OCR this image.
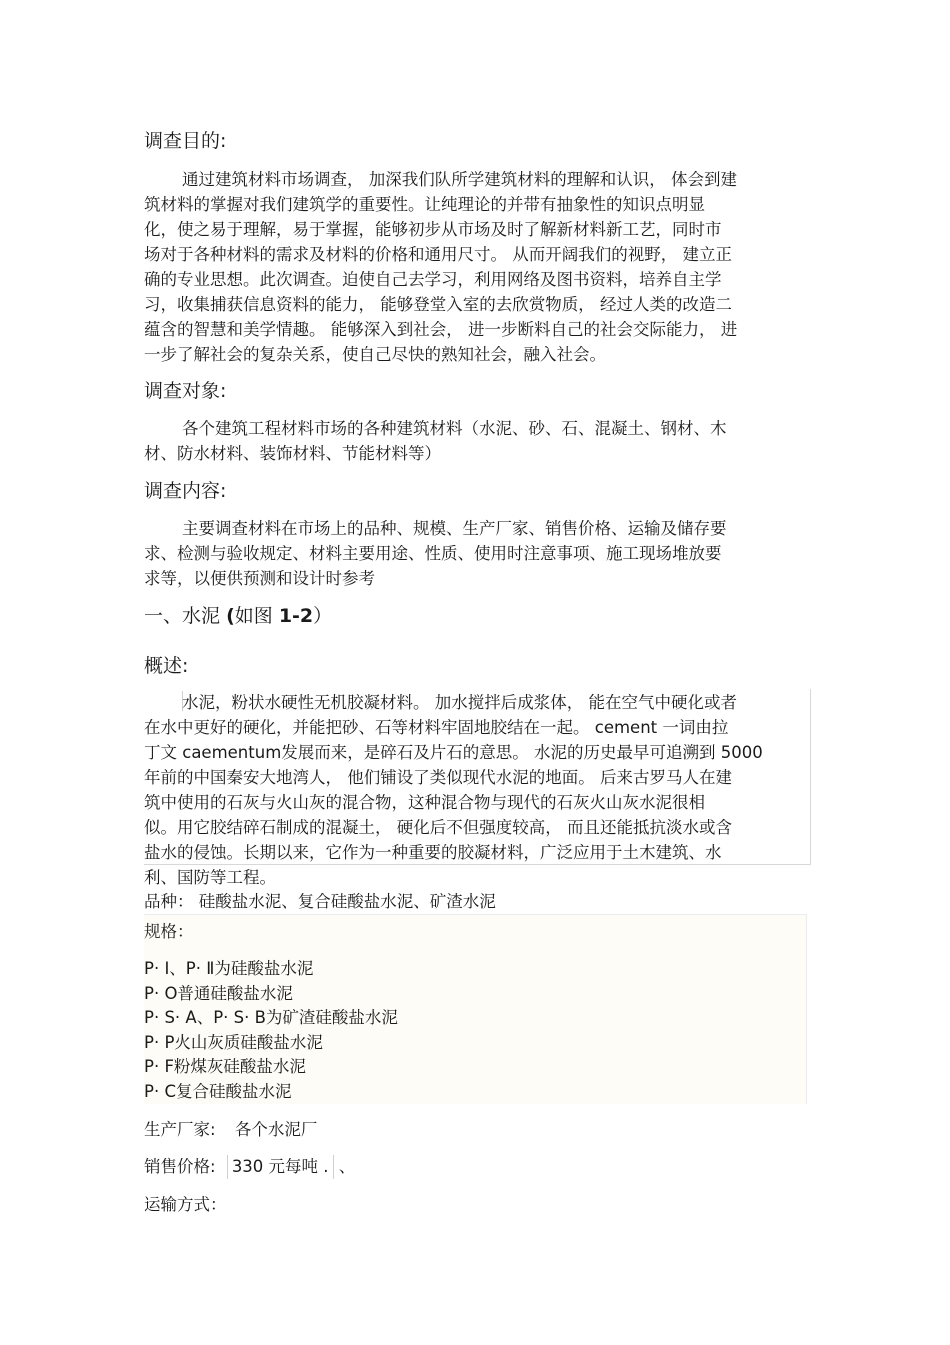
调查目的:
通过建筑材料市场调查， 加深我们队所学建筑材料的理解和认识， 体会到建
筑材料的掌握对我们建筑学的重要性。让纯理论的并带有抽象性的知识点明显
化，使之易于理解，易于掌握，能够初步从市场及时了解新材料新工艺，同时市
场对于各种材料的需求及材料的价格和通用尺寸。 从而开阔我们的视野， 建立正
确的专业思想。此次调查。迫使自己去学习，利用网络及图书资料，培养自主学
习，收集捕获信息资料的能力， 能够登堂入室的去欣赏物质， 经过人类的改造二
蕴含的智慧和美学情趣。 能够深入到社会， 进一步断料自己的社会交际能力， 进
一步了解社会的复杂关系，使自己尽快的熟知社会，融入社会。
调查对象:
各个建筑工程材料市场的各种建筑材料（水泥、砂、石、混凝土、钢材、木
材、防水材料、装饰材料、节能材料等）
调查内容:
主要调查材料在市场上的品种、规模、生产厂家、销售价格、运输及储存要
求、检测与验收规定、材料主要用途、性质、使用时注意事项、施工现场堆放要
求等，以便供预测和设计时参考
一、水泥 (如图 1-2）
概述:
水泥，粉状水硬性无机胶凝材料。 加水搅拌后成浆体， 能在空气中硬化或者
在水中更好的硬化，并能把砂、石等材料牢固地胶结在一起。 cement 一词由拉
丁文 caementum发展而来，是碎石及片石的意思。 水泥的历史最早可追溯到 5000
年前的中国秦安大地湾人， 他们铺设了类似现代水泥的地面。 后来古罗马人在建
筑中使用的石灰与火山灰的混合物，这种混合物与现代的石灰火山灰水泥很相
似。用它胶结碎石制成的混凝土， 硬化后不但强度较高， 而且还能抵抗淡水或含
盐水的侵蚀。长期以来，它作为一种重要的胶凝材料，广泛应用于土木建筑、水
利、国防等工程。
品种： 硅酸盐水泥、复合硅酸盐水泥、矿渣水泥
规格：
P· Ⅰ、P· Ⅱ为硅酸盐水泥
P· O普通硅酸盐水泥
P· S· A、P· S· B为矿渣硅酸盐水泥
P· P火山灰质硅酸盐水泥
P· F粉煤灰硅酸盐水泥
P· C复合硅酸盐水泥
生产厂家: 各个水泥厂
销售价格: 330 元每吨 . 、
运输方式：
